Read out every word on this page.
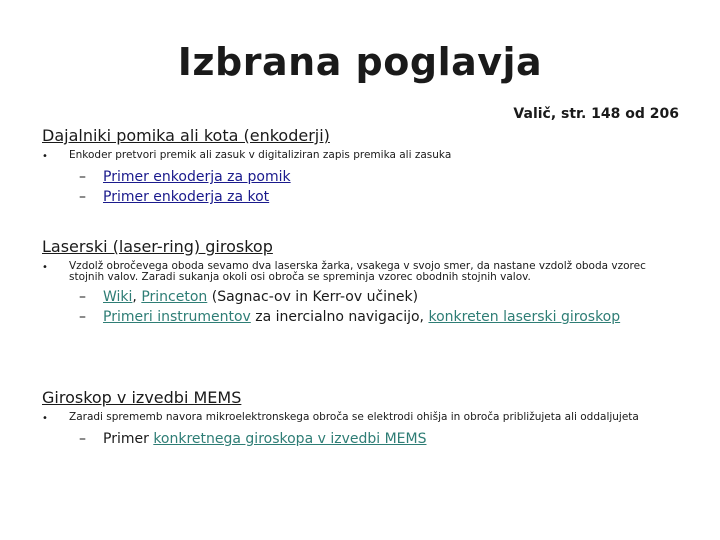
Izbrana poglavja
Valič, str. 148 od 206
Dajalniki pomika ali kota (enkoderji)
•	Enkoder pretvori premik ali zasuk v digitaliziran zapis premika ali zasuka
–	Primer enkoderja za pomik
–	Primer enkoderja za kot
Laserski (laser-ring) giroskop
•	Vzdolž obročevega oboda sevamo dva laserska žarka, vsakega v svojo smer, da nastane vzdolž oboda vzorec stojnih valov. Zaradi sukanja okoli osi obroča se spreminja vzorec obodnih stojnih valov.
–	Wiki, Princeton (Sagnac-ov in Kerr-ov učinek)
–	Primeri instrumentov za inercialno navigacijo, konkreten laserski giroskop
Giroskop v izvedbi MEMS
•	Zaradi sprememb navora mikroelektronskega obroča se elektrodi ohišja in obroča približujeta ali oddaljujeta
–	Primer konkretnega giroskopa v izvedbi MEMS
